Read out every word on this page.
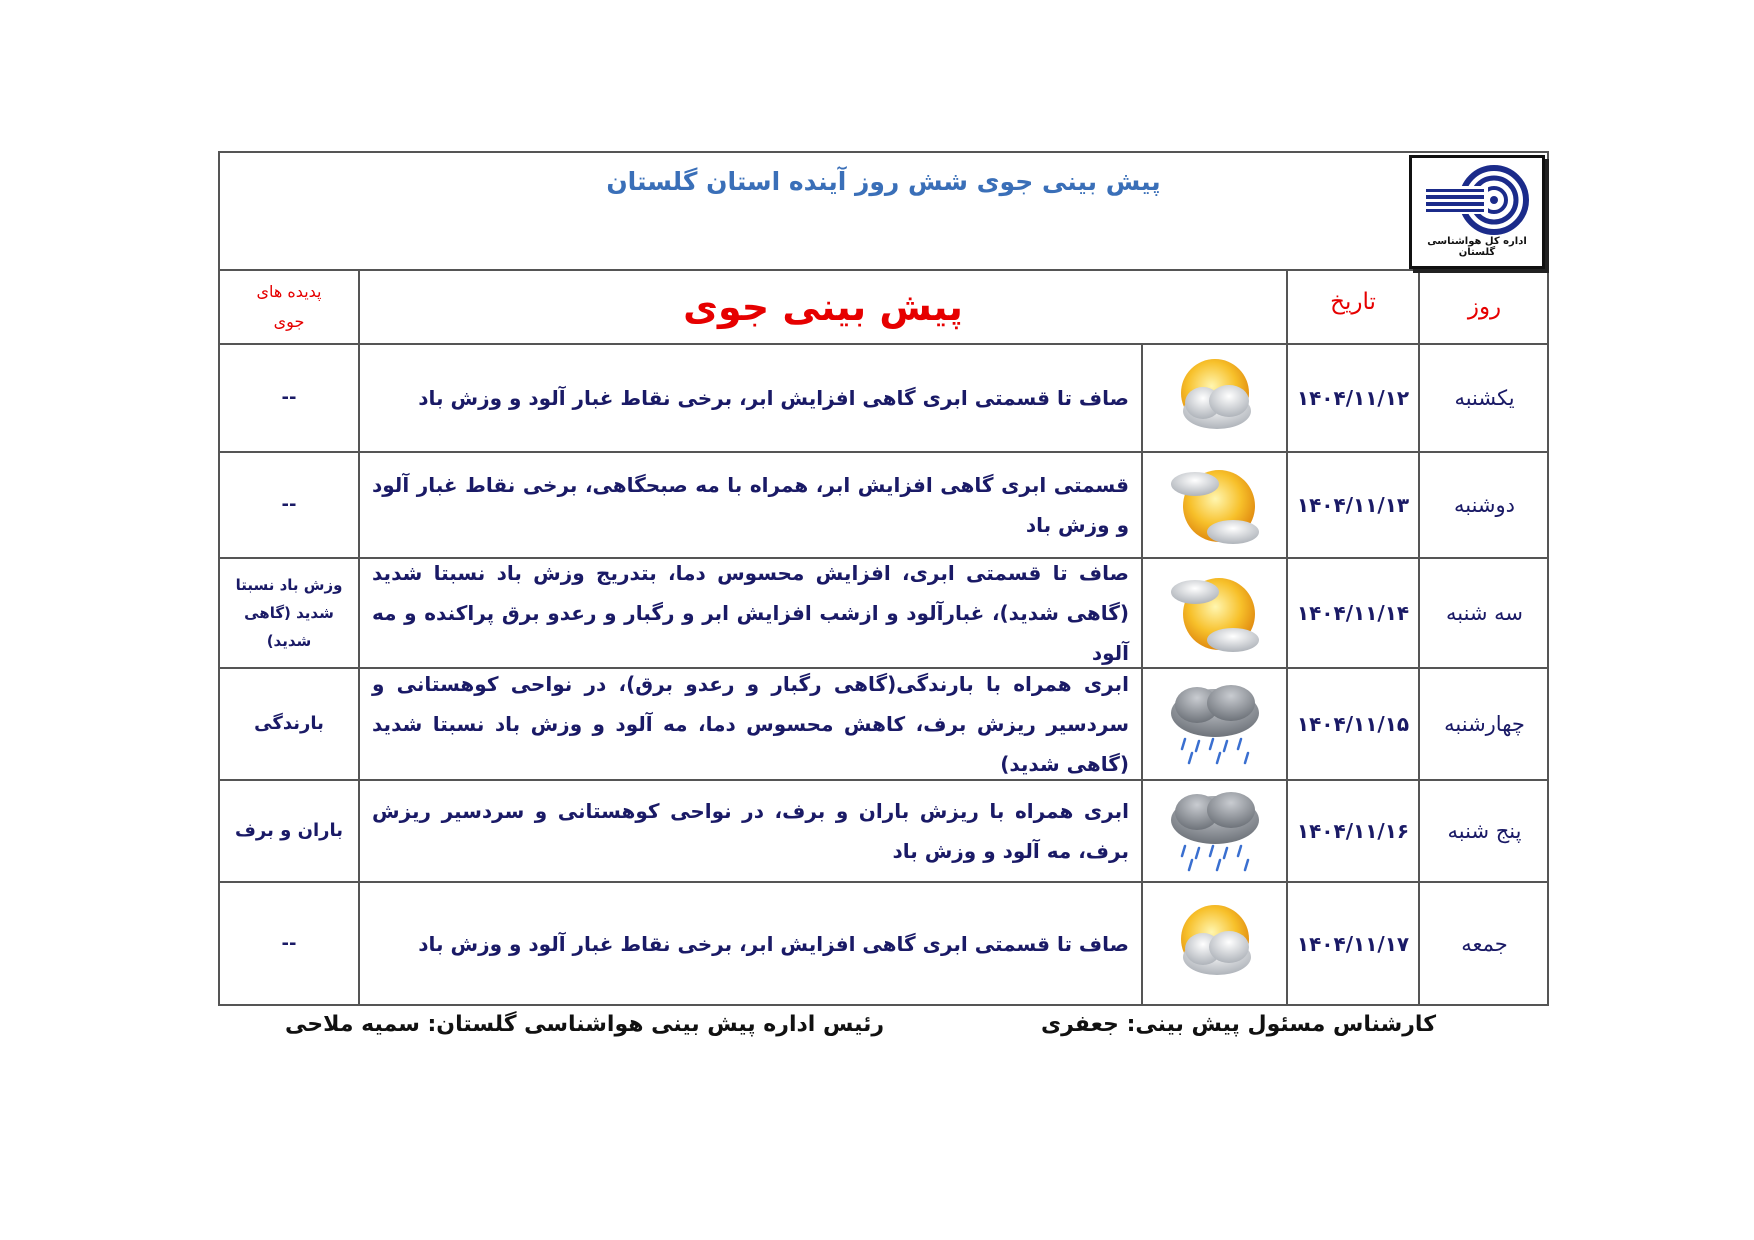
پیش بینی جوی شش روز آینده استان گلستان
اداره کل هواشناسی گلستان
روز
تاریخ
پیش بینی جوی
پدیده های
جوی
یکشنبه
۱۴۰۴/۱۱/۱۲
صاف تا قسمتی ابری گاهی افزایش ابر، برخی نقاط غبار آلود و وزش باد
--
دوشنبه
۱۴۰۴/۱۱/۱۳
قسمتی ابری گاهی افزایش ابر، همراه با مه صبحگاهی، برخی نقاط غبار آلود و وزش باد
--
سه شنبه
۱۴۰۴/۱۱/۱۴
صاف تا قسمتی ابری، افزایش محسوس دما، بتدریج وزش باد نسبتا شدید (گاهی شدید)، غبارآلود و ازشب افزایش ابر و رگبار و رعدو برق پراکنده و مه آلود
وزش باد نسبتا شدید (گاهی شدید)
چهارشنبه
۱۴۰۴/۱۱/۱۵
ابری همراه با بارندگی(گاهی رگبار و رعدو برق)، در نواحی کوهستانی و سردسیر ریزش برف، کاهش محسوس دما، مه آلود و وزش باد نسبتا شدید (گاهی شدید)
بارندگی
پنج شنبه
۱۴۰۴/۱۱/۱۶
ابری همراه با ریزش باران و برف، در نواحی کوهستانی و سردسیر ریزش برف، مه آلود و وزش باد
باران و برف
جمعه
۱۴۰۴/۱۱/۱۷
صاف تا قسمتی ابری گاهی افزایش ابر، برخی نقاط غبار آلود و وزش باد
--
کارشناس مسئول پیش بینی: جعفری
رئیس اداره پیش بینی هواشناسی گلستان: سمیه ملاحی
